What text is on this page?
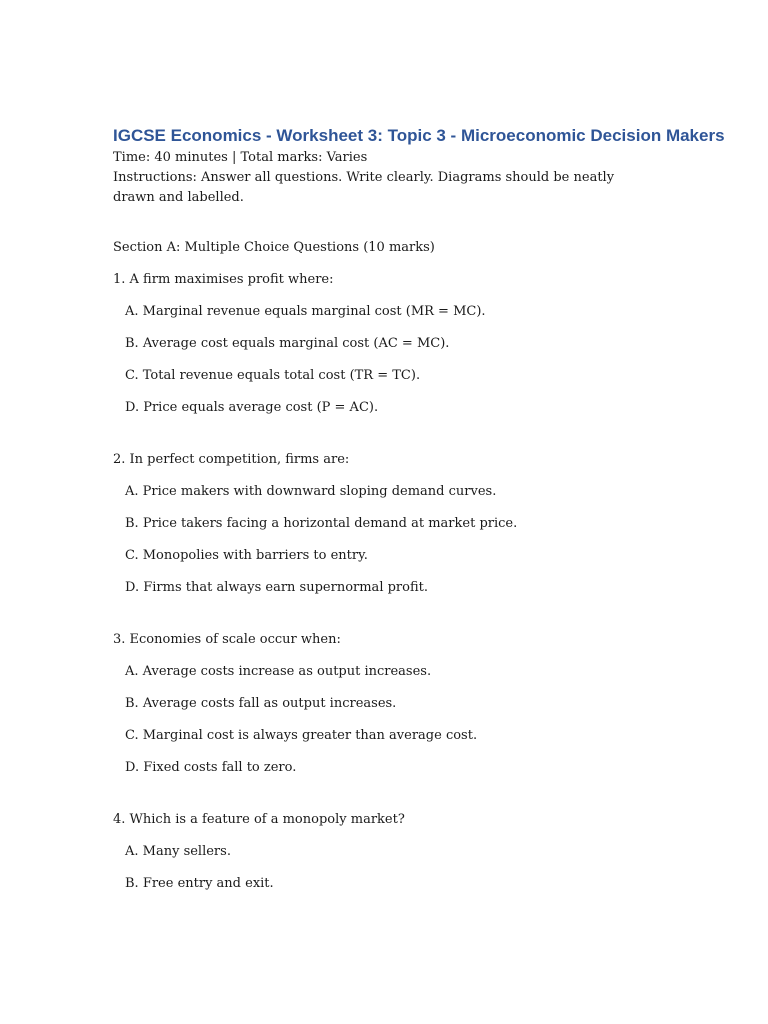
IGCSE Economics - Worksheet 3: Topic 3 - Microeconomic Decision Makers

Time: 40 minutes | Total marks: Varies

Instructions: Answer all questions. Write clearly. Diagrams should be neatly drawn and labelled.

Section A: Multiple Choice Questions (10 marks)

1. A firm maximises profit where:

A. Marginal revenue equals marginal cost (MR = MC).

B. Average cost equals marginal cost (AC = MC).

C. Total revenue equals total cost (TR = TC).

D. Price equals average cost (P = AC).

2. In perfect competition, firms are:

A. Price makers with downward sloping demand curves.

B. Price takers facing a horizontal demand at market price.

C. Monopolies with barriers to entry.

D. Firms that always earn supernormal profit.

3. Economies of scale occur when:

A. Average costs increase as output increases.

B. Average costs fall as output increases.

C. Marginal cost is always greater than average cost.

D. Fixed costs fall to zero.

4. Which is a feature of a monopoly market?

A. Many sellers.

B. Free entry and exit.
